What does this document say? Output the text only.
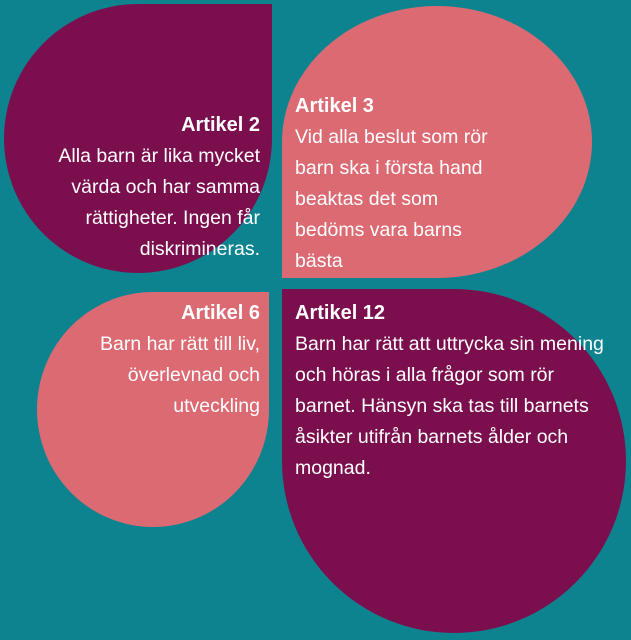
Artikel 2
Alla barn är lika mycket värda och har samma rättigheter. Ingen får diskrimineras.
Artikel 3
Vid alla beslut som rör barn ska i första hand beaktas det som bedöms vara barns bästa
Artikel 6
Barn har rätt till liv, överlevnad och utveckling
Artikel 12
Barn har rätt att uttrycka sin mening och höras i alla frågor som rör barnet. Hänsyn ska tas till barnets åsikter utifrån barnets ålder och mognad.
